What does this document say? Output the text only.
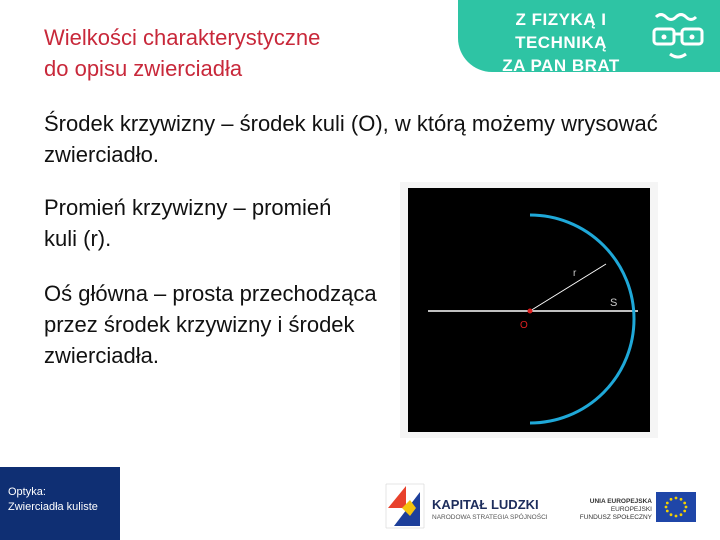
Wielkości charakterystyczne
do opisu zwierciadła
Z FIZYKĄ I TECHNIKĄ
ZA PAN BRAT
Środek krzywizny – środek kuli (O), w którą możemy wrysować zwierciadło.
Promień krzywizny – promień kuli (r).
Oś główna – prosta przechodząca przez środek krzywizny i środek zwierciadła.
r
O
S
Optyka:
Zwierciadła kuliste	KAPITAŁ LUDZKI
NARODOWA STRATEGIA SPÓJNOŚCI
UNIA EUROPEJSKA
EUROPEJSKI
FUNDUSZ SPOŁECZNY
